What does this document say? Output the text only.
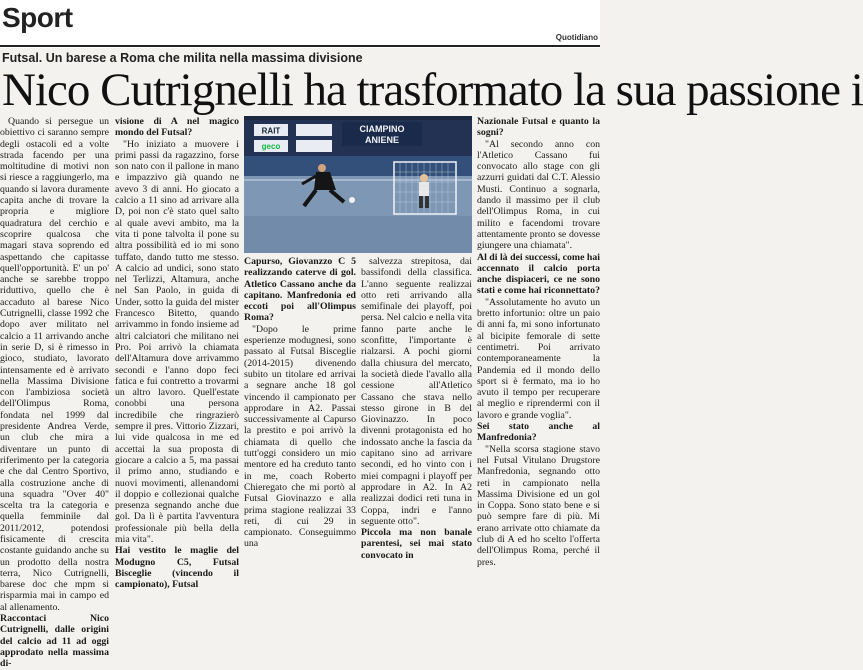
Sport
Quotidiano
Futsal. Un barese a Roma che milita nella massima divisione
Nico Cutrignelli ha trasformato la sua passione i

Quando si persegue un obiettivo ci saranno sempre degli ostacoli ed a volte strada facendo per una moltitudine di motivi non si riesce a raggiungerlo, ma quando si lavora duramente capita anche di trovare la propria e migliore quadratura del cerchio e scoprire qualcosa che magari stava soprendo ed aspettando che capitasse quell'opportunità. E' un po' anche se sarebbe troppo riduttivo, quello che è accaduto al barese Nico Cutrignelli, classe 1992 che dopo aver militato nel calcio a 11 arrivando anche in serie D, si è rimesso in gioco, studiato, lavorato intensamente ed è arrivato nella Massima Divisione con l'ambiziosa società dell'Olimpus Roma, fondata nel 1999 dal presidente Andrea Verde, un club che mira a diventare un punto di riferimento per la categoria e che dal Centro Sportivo, alla costruzione anche di una squadra "Over 40" scelta tra la categoria e quella femminile dal 2011/2012, potendosi fisicamente di crescita costante guidando anche su un prodotto della nostra terra, Nico Cutrignelli, barese doc che mpm si risparmia mai in campo ed al allenamento.

Raccontaci Nico Cutrignelli, dalle origini del calcio ad 11 ad oggi approdato nella massima di-

visione di A nel magico mondo del Futsal?

"Ho iniziato a muovere i primi passi da ragazzino, forse son nato con il pallone in mano e impazzivo già quando ne avevo 3 di anni. Ho giocato a calcio a 11 sino ad arrivare alla D, poi non c'è stato quel salto al quale avevi ambito, ma la vita ti pone talvolta il pone su altra possibilità ed io mi sono tuffato, dando tutto me stesso. A calcio ad undici, sono stato nel Terlizzi, Altamura, anche nel San Paolo, in guida di Under, sotto la guida del mister Francesco Bitetto, quando arrivammo in fondo insieme ad altri calciatori che militano nei Pro. Poi arrivò la chiamata dell'Altamura dove arrivammo secondi e l'anno dopo feci fatica e fui contretto a trovarmi un altro lavoro. Quell'estate conobbi una persona incredibile che ringrazierò sempre il pres. Vittorio Zizzari, lui vide qualcosa in me ed accettai la sua proposta di giocare a calcio a 5, ma passai il primo anno, studiando e nuovi movimenti, allenandomi il doppio e collezionai qualche presenza segnando anche due gol. Da lì è partita l'avventura professionale più bella della mia vita".

Hai vestito le maglie del Modugno C5, Futsal Bisceglie (vincendo il campionato), Futsal

RAIT
geco
CIAMPINO
ANIENE

Capurso, Giovanzzo C 5 realizzando caterve di gol. Atletico Cassano anche da capitano. Manfredonia ed eccoti poi all'Olimpus Roma?

"Dopo le prime esperienze modugnesi, sono passato al Futsal Bisceglie (2014-2015) divenendo subito un titolare ed arrivai a segnare anche 18 gol vincendo il campionato per approdare in A2. Passai successivamente al Capurso la prestito e poi arrivò la chiamata di quello che tutt'oggi considero un mio mentore ed ha creduto tanto in me, coach Roberto Chieregato che mi portò al Futsal Giovinazzo e alla prima stagione realizzai 33 reti, di cui 29 in campionato. Conseguimmo una

salvezza strepitosa, dai bassifondi della classifica. L'anno seguente realizzai otto reti arrivando alla semifinale dei playoff, poi persa. Nel calcio e nella vita fanno parte anche le sconfitte, l'importante è rialzarsi. A pochi giorni dalla chiusura del mercato, la società diede l'avallo alla cessione all'Atletico Cassano che stava nello stesso girone in B del Giovinazzo. In poco divenni protagonista ed ho indossato anche la fascia da capitano sino ad arrivare secondi, ed ho vinto con i miei compagni i playoff per approdare in A2. In A2 realizzai dodici reti tuna in Coppa, indri e l'anno seguente otto".

Piccola ma non banale parentesi, sei mai stato convocato in

Nazionale Futsal e quanto la sogni?

"Al secondo anno con l'Atletico Cassano fui convocato allo stage con gli azzurri guidati dal C.T. Alessio Musti. Continuo a sognarla, dando il massimo per il club dell'Olimpus Roma, in cui milito e facendomi trovare attentamente pronto se dovesse giungere una chiamata".

Al di là dei successi, come hai accennato il calcio porta anche dispiaceri, ce ne sono stati e come hai riconnettato?

"Assolutamente ho avuto un bretto infortunio: oltre un paio di anni fa, mi sono infortunato al bicipite femorale di sette centimetri. Poi arrivato contemporaneamente la Pandemia ed il mondo dello sport si è fermato, ma io ho avuto il tempo per recuperare al meglio e riprendermi con il lavoro e grande voglia".

Sei stato anche al Manfredonia?

"Nella scorsa stagione stavo nel Futsal Vitulano Drugstore Manfredonia, segnando otto reti in campionato nella Massima Divisione ed un gol in Coppa. Sono stato bene e si può sempre fare di più. Mi erano arrivate otto chiamate da club di A ed ho scelto l'offerta dell'Olimpus Roma, perché il pres.
